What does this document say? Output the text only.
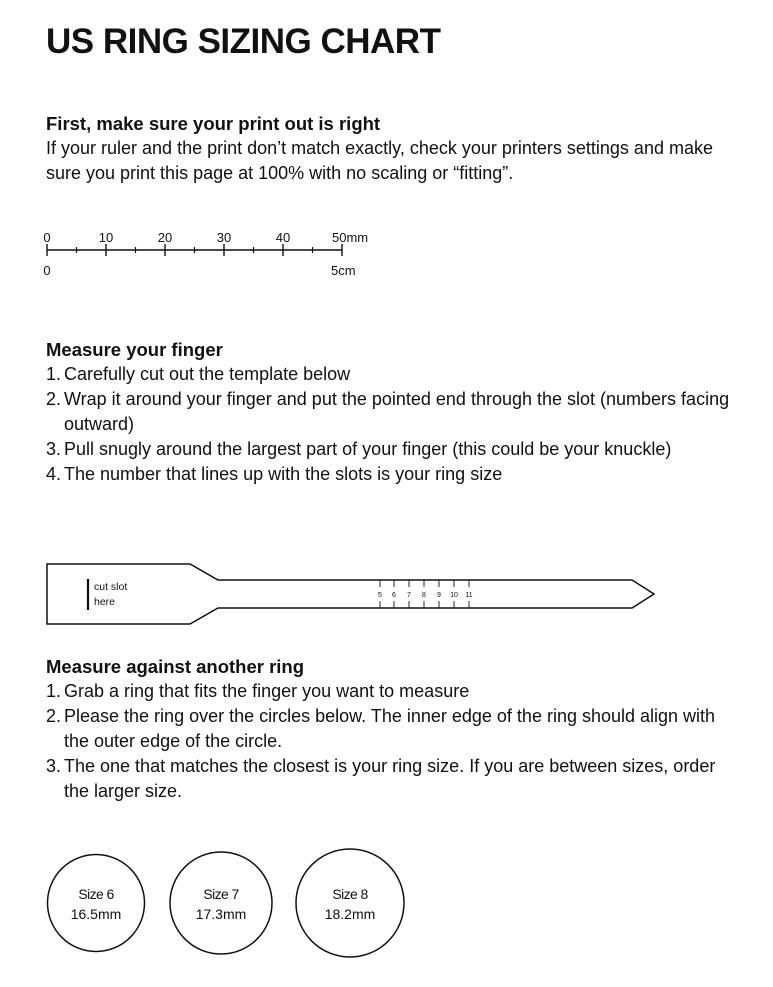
US RING SIZING CHART
First, make sure your print out is right

If your ruler and the print don’t match exactly, check your printers settings and make sure you print this page at 100% with no scaling or “fitting”.

0	10	20	30	40	50mm
0	5cm
Measure your finger
1. Carefully cut out the template below
2. Wrap it around your finger and put the pointed end through the slot (numbers facing outward)
3. Pull snugly around the largest part of your finger (this could be your knuckle)
4. The number that lines up with the slots is your ring size
cut slot
here
5 6 7 8 9 10 11
Measure against another ring
1. Grab a ring that fits the finger you want to measure
2. Please the ring over the circles below. The inner edge of the ring should align with the outer edge of the circle.
3. The one that matches the closest is your ring size. If you are between sizes, order the larger size.
Size 6
16.5mm
Size 7
17.3mm
Size 8
18.2mm
